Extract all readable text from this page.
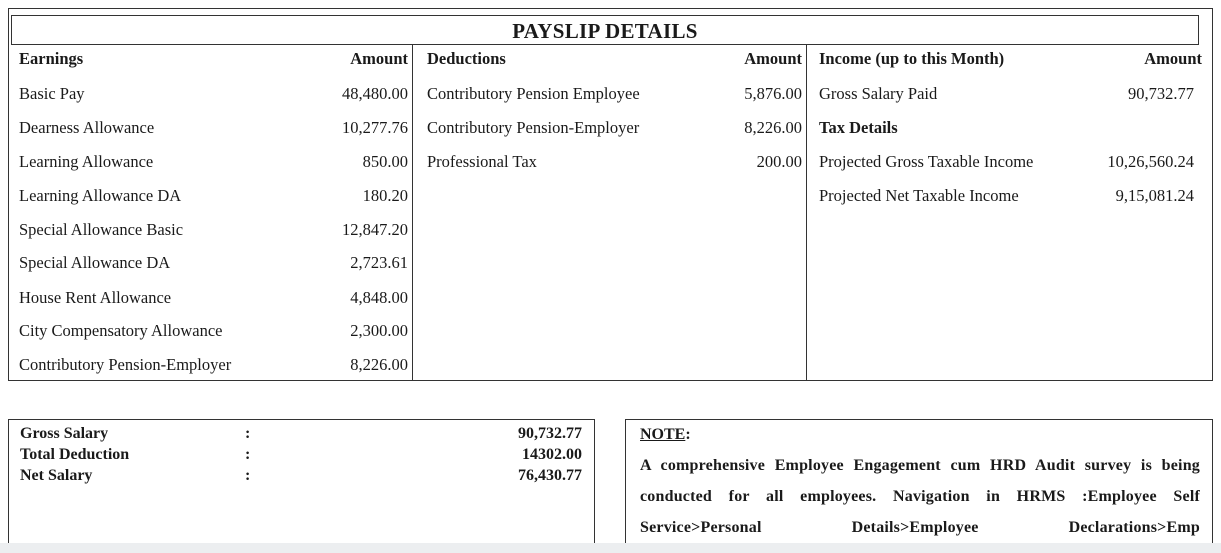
PAYSLIP DETAILS
Earnings	Amount
Basic Pay	48,480.00
Dearness Allowance	10,277.76
Learning Allowance	850.00
Learning Allowance DA	180.20
Special Allowance Basic	12,847.20
Special Allowance DA	2,723.61
House Rent Allowance	4,848.00
City Compensatory Allowance	2,300.00
Contributory Pension-Employer	8,226.00
Deductions	Amount
Contributory Pension Employee	5,876.00
Contributory Pension-Employer	8,226.00
Professional Tax	200.00
Income (up to this Month)	Amount
Gross Salary Paid	90,732.77
Tax Details
Projected Gross Taxable Income	10,26,560.24
Projected Net Taxable Income	9,15,081.24
Gross Salary	:	90,732.77
Total Deduction	:	14302.00
Net Salary	:	76,430.77
NOTE:
A comprehensive Employee Engagement cum HRD Audit survey is being conducted for all employees. Navigation in HRMS :Employee Self Service>Personal Details>Employee Declarations>Emp
